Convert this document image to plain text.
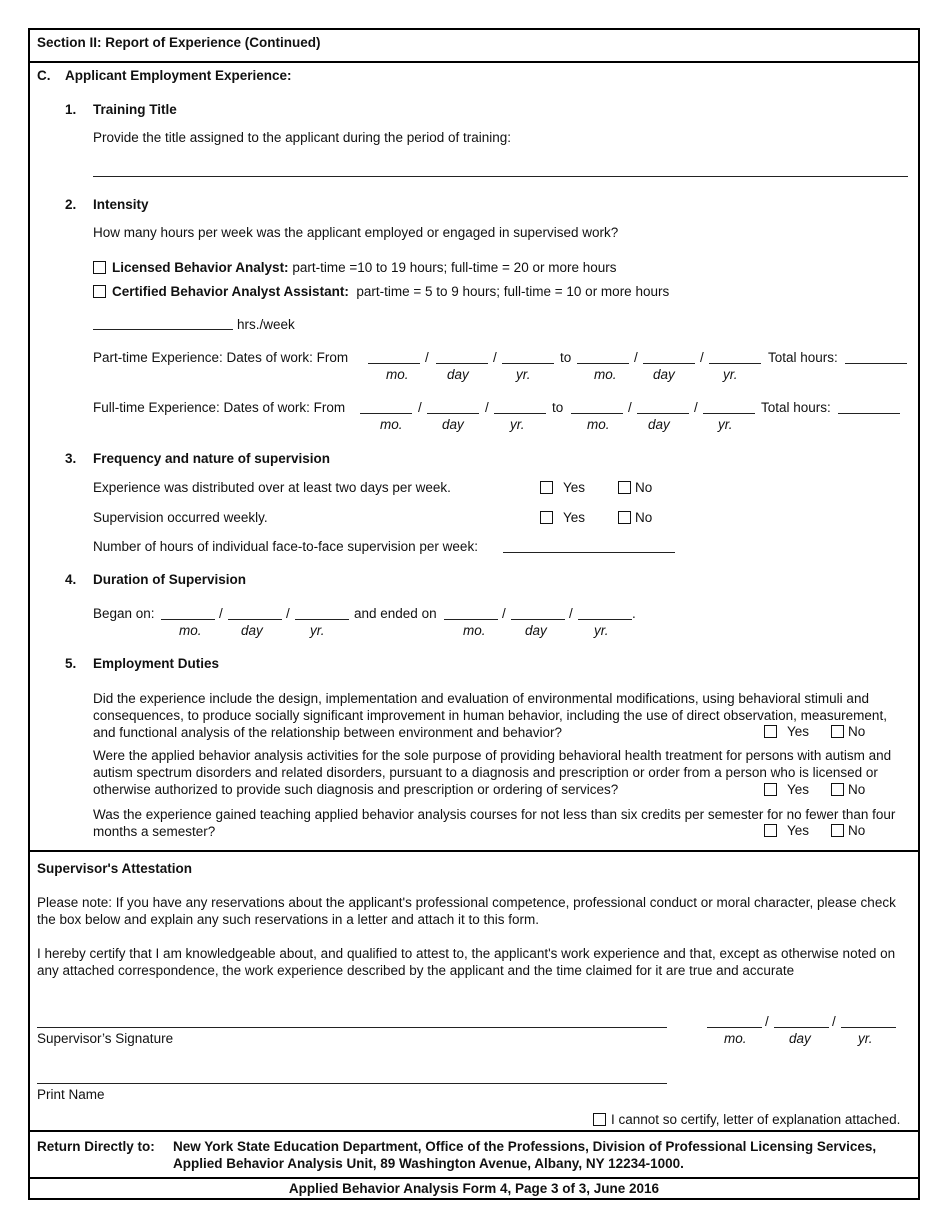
Section II: Report of Experience (Continued)
C. Applicant Employment Experience:
1. Training Title
Provide the title assigned to the applicant during the period of training:
2. Intensity
How many hours per week was the applicant employed or engaged in supervised work?
Licensed Behavior Analyst: part-time =10 to 19 hours; full-time = 20 or more hours
Certified Behavior Analyst Assistant: part-time = 5 to 9 hours; full-time = 10 or more hours
hrs./week
Part-time Experience: Dates of work: From	/	/	to	/	/	Total hours:
mo.	day	yr.	mo.	day	yr.
Full-time Experience: Dates of work: From	/	/	to	/	/	Total hours:
mo.	day	yr.	mo.	day	yr.
3. Frequency and nature of supervision
Experience was distributed over at least two days per week.	Yes	No
Supervision occurred weekly.	Yes	No
Number of hours of individual face-to-face supervision per week:
4. Duration of Supervision
Began on:	/	/	and ended on	/	/	.
mo.	day	yr.	mo.	day	yr.
5. Employment Duties
Did the experience include the design, implementation and evaluation of environmental modifications, using behavioral stimuli and consequences, to produce socially significant improvement in human behavior, including the use of direct observation, measurement, and functional analysis of the relationship between environment and behavior?	Yes	No
Were the applied behavior analysis activities for the sole purpose of providing behavioral health treatment for persons with autism and autism spectrum disorders and related disorders, pursuant to a diagnosis and prescription or order from a person who is licensed or otherwise authorized to provide such diagnosis and prescription or ordering of services?	Yes	No
Was the experience gained teaching applied behavior analysis courses for not less than six credits per semester for no fewer than four months a semester?	Yes	No
Supervisor's Attestation
Please note: If you have any reservations about the applicant's professional competence, professional conduct or moral character, please check the box below and explain any such reservations in a letter and attach it to this form.
I hereby certify that I am knowledgeable about, and qualified to attest to, the applicant's work experience and that, except as otherwise noted on any attached correspondence, the work experience described by the applicant and the time claimed for it are true and accurate
Supervisor’s Signature
/	/
mo.	day	yr.
Print Name
I cannot so certify, letter of explanation attached.
Return Directly to: New York State Education Department, Office of the Professions, Division of Professional Licensing Services,
Applied Behavior Analysis Unit, 89 Washington Avenue, Albany, NY 12234-1000.
Applied Behavior Analysis Form 4, Page 3 of 3, June 2016
